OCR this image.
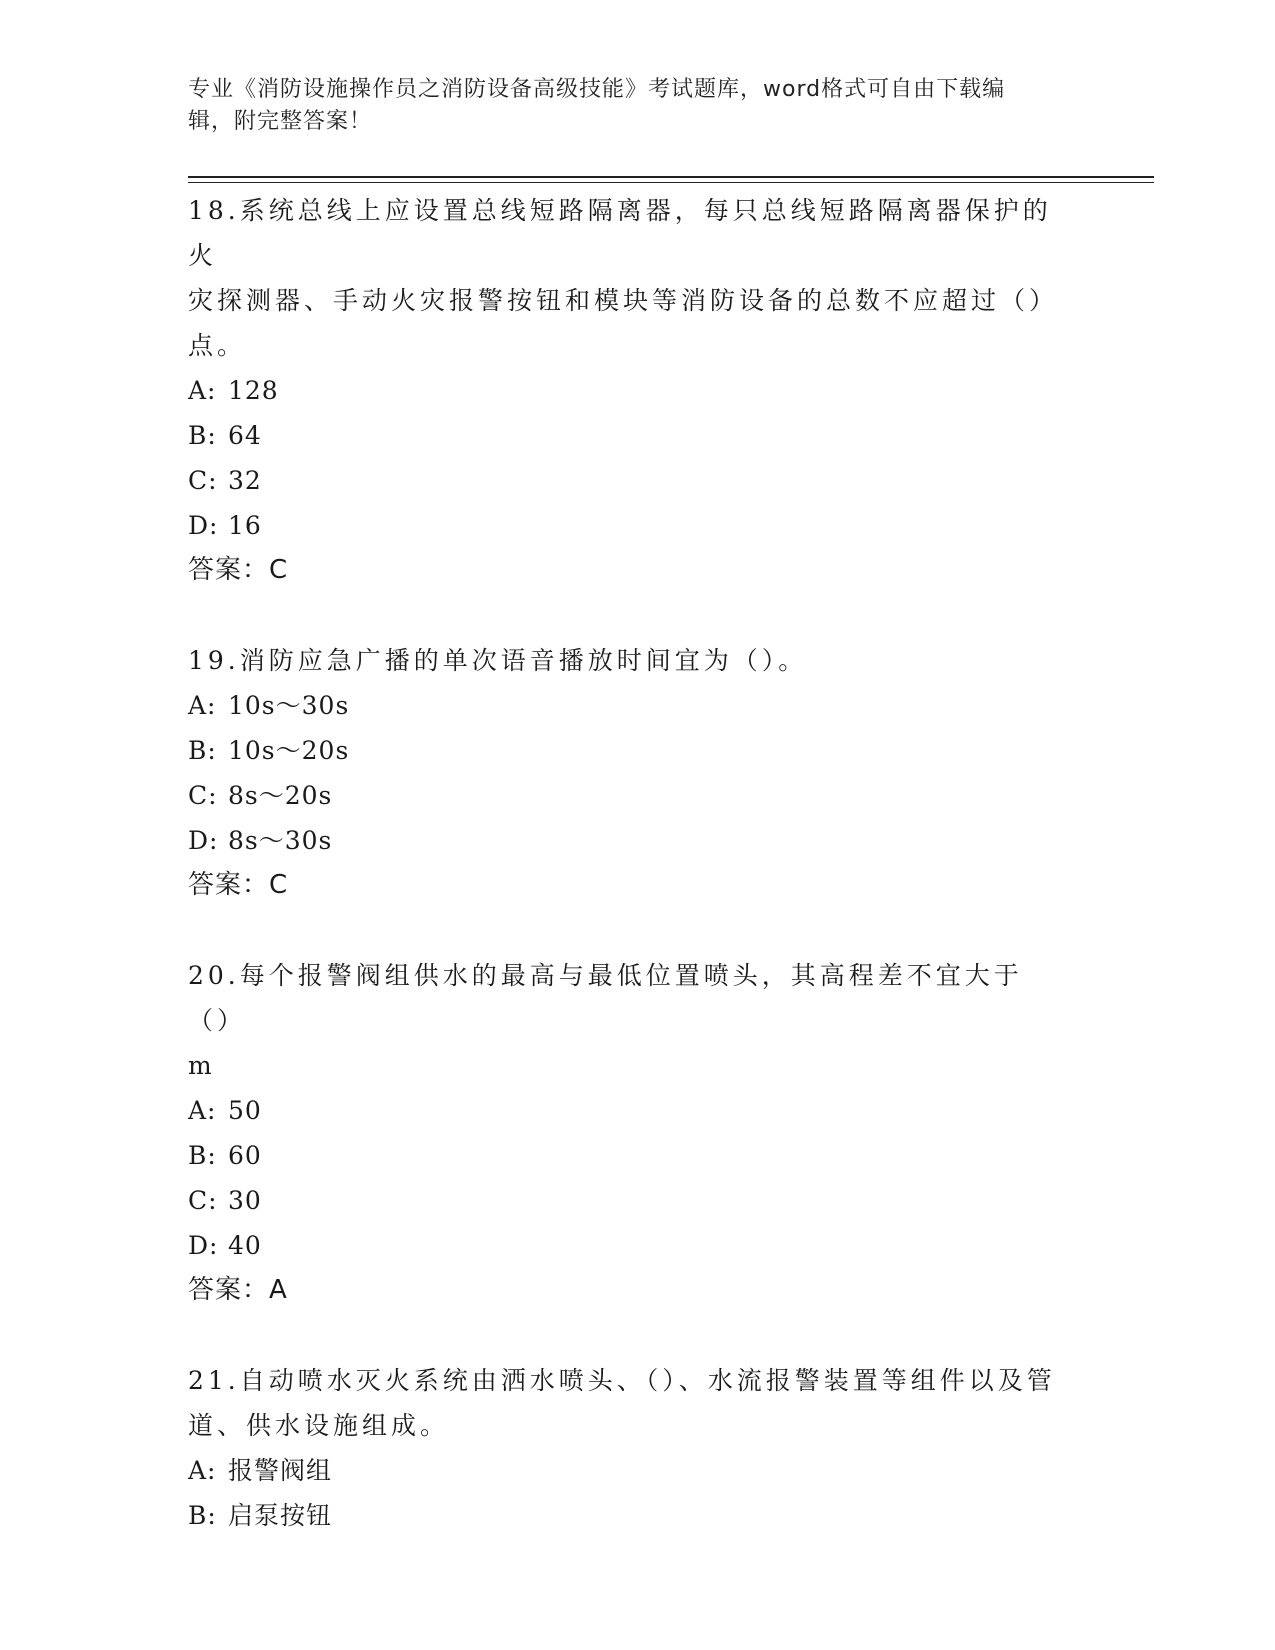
专业《消防设施操作员之消防设备高级技能》考试题库，word格式可自由下载编
辑，附完整答案！
18.系统总线上应设置总线短路隔离器，每只总线短路隔离器保护的火
灾探测器、手动火灾报警按钮和模块等消防设备的总数不应超过（）
点。
A: 128
B: 64
C: 32
D: 16
答案：C
19.消防应急广播的单次语音播放时间宜为（）。
A: 10s～30s
B: 10s～20s
C: 8s～20s
D: 8s～30s
答案：C
20.每个报警阀组供水的最高与最低位置喷头，其高程差不宜大于（）
m
A: 50
B: 60
C: 30
D: 40
答案：A
21.自动喷水灭火系统由洒水喷头、（）、水流报警装置等组件以及管
道、供水设施组成。
A: 报警阀组
B: 启泵按钮
